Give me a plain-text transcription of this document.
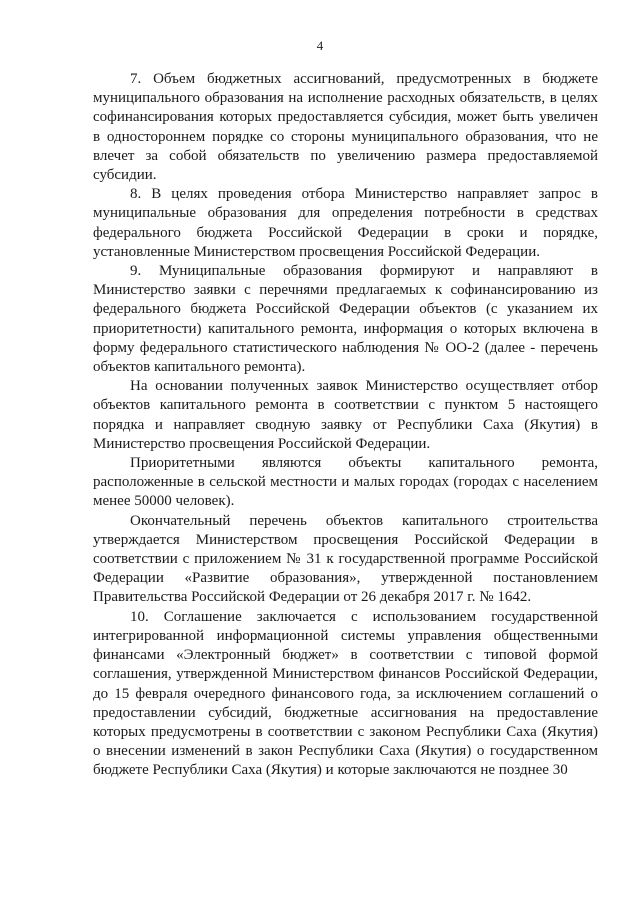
4

7. Объем бюджетных ассигнований, предусмотренных в бюджете муниципального образования на исполнение расходных обязательств, в целях софинансирования которых предоставляется субсидия, может быть увеличен в одностороннем порядке со стороны муниципального образования, что не влечет за собой обязательств по увеличению размера предоставляемой субсидии.

8. В целях проведения отбора Министерство направляет запрос в муниципальные образования для определения потребности в средствах федерального бюджета Российской Федерации в сроки и порядке, установленные Министерством просвещения Российской Федерации.

9. Муниципальные образования формируют и направляют в Министерство заявки с перечнями предлагаемых к софинансированию из федерального бюджета Российской Федерации объектов (с указанием их приоритетности) капитального ремонта, информация о которых включена в форму федерального статистического наблюдения № ОО-2 (далее - перечень объектов капитального ремонта).

На основании полученных заявок Министерство осуществляет отбор объектов капитального ремонта в соответствии с пунктом 5 настоящего порядка и направляет сводную заявку от Республики Саха (Якутия) в Министерство просвещения Российской Федерации.

Приоритетными являются объекты капитального ремонта, расположенные в сельской местности и малых городах (городах с населением менее 50000 человек).

Окончательный перечень объектов капитального строительства утверждается Министерством просвещения Российской Федерации в соответствии с приложением № 31 к государственной программе Российской Федерации «Развитие образования», утвержденной постановлением Правительства Российской Федерации от 26 декабря 2017 г. № 1642.

10. Соглашение заключается с использованием государственной интегрированной информационной системы управления общественными финансами «Электронный бюджет» в соответствии с типовой формой соглашения, утвержденной Министерством финансов Российской Федерации, до 15 февраля очередного финансового года, за исключением соглашений о предоставлении субсидий, бюджетные ассигнования на предоставление которых предусмотрены в соответствии с законом Республики Саха (Якутия) о внесении изменений в закон Республики Саха (Якутия) о государственном бюджете Республики Саха (Якутия) и которые заключаются не позднее 30
